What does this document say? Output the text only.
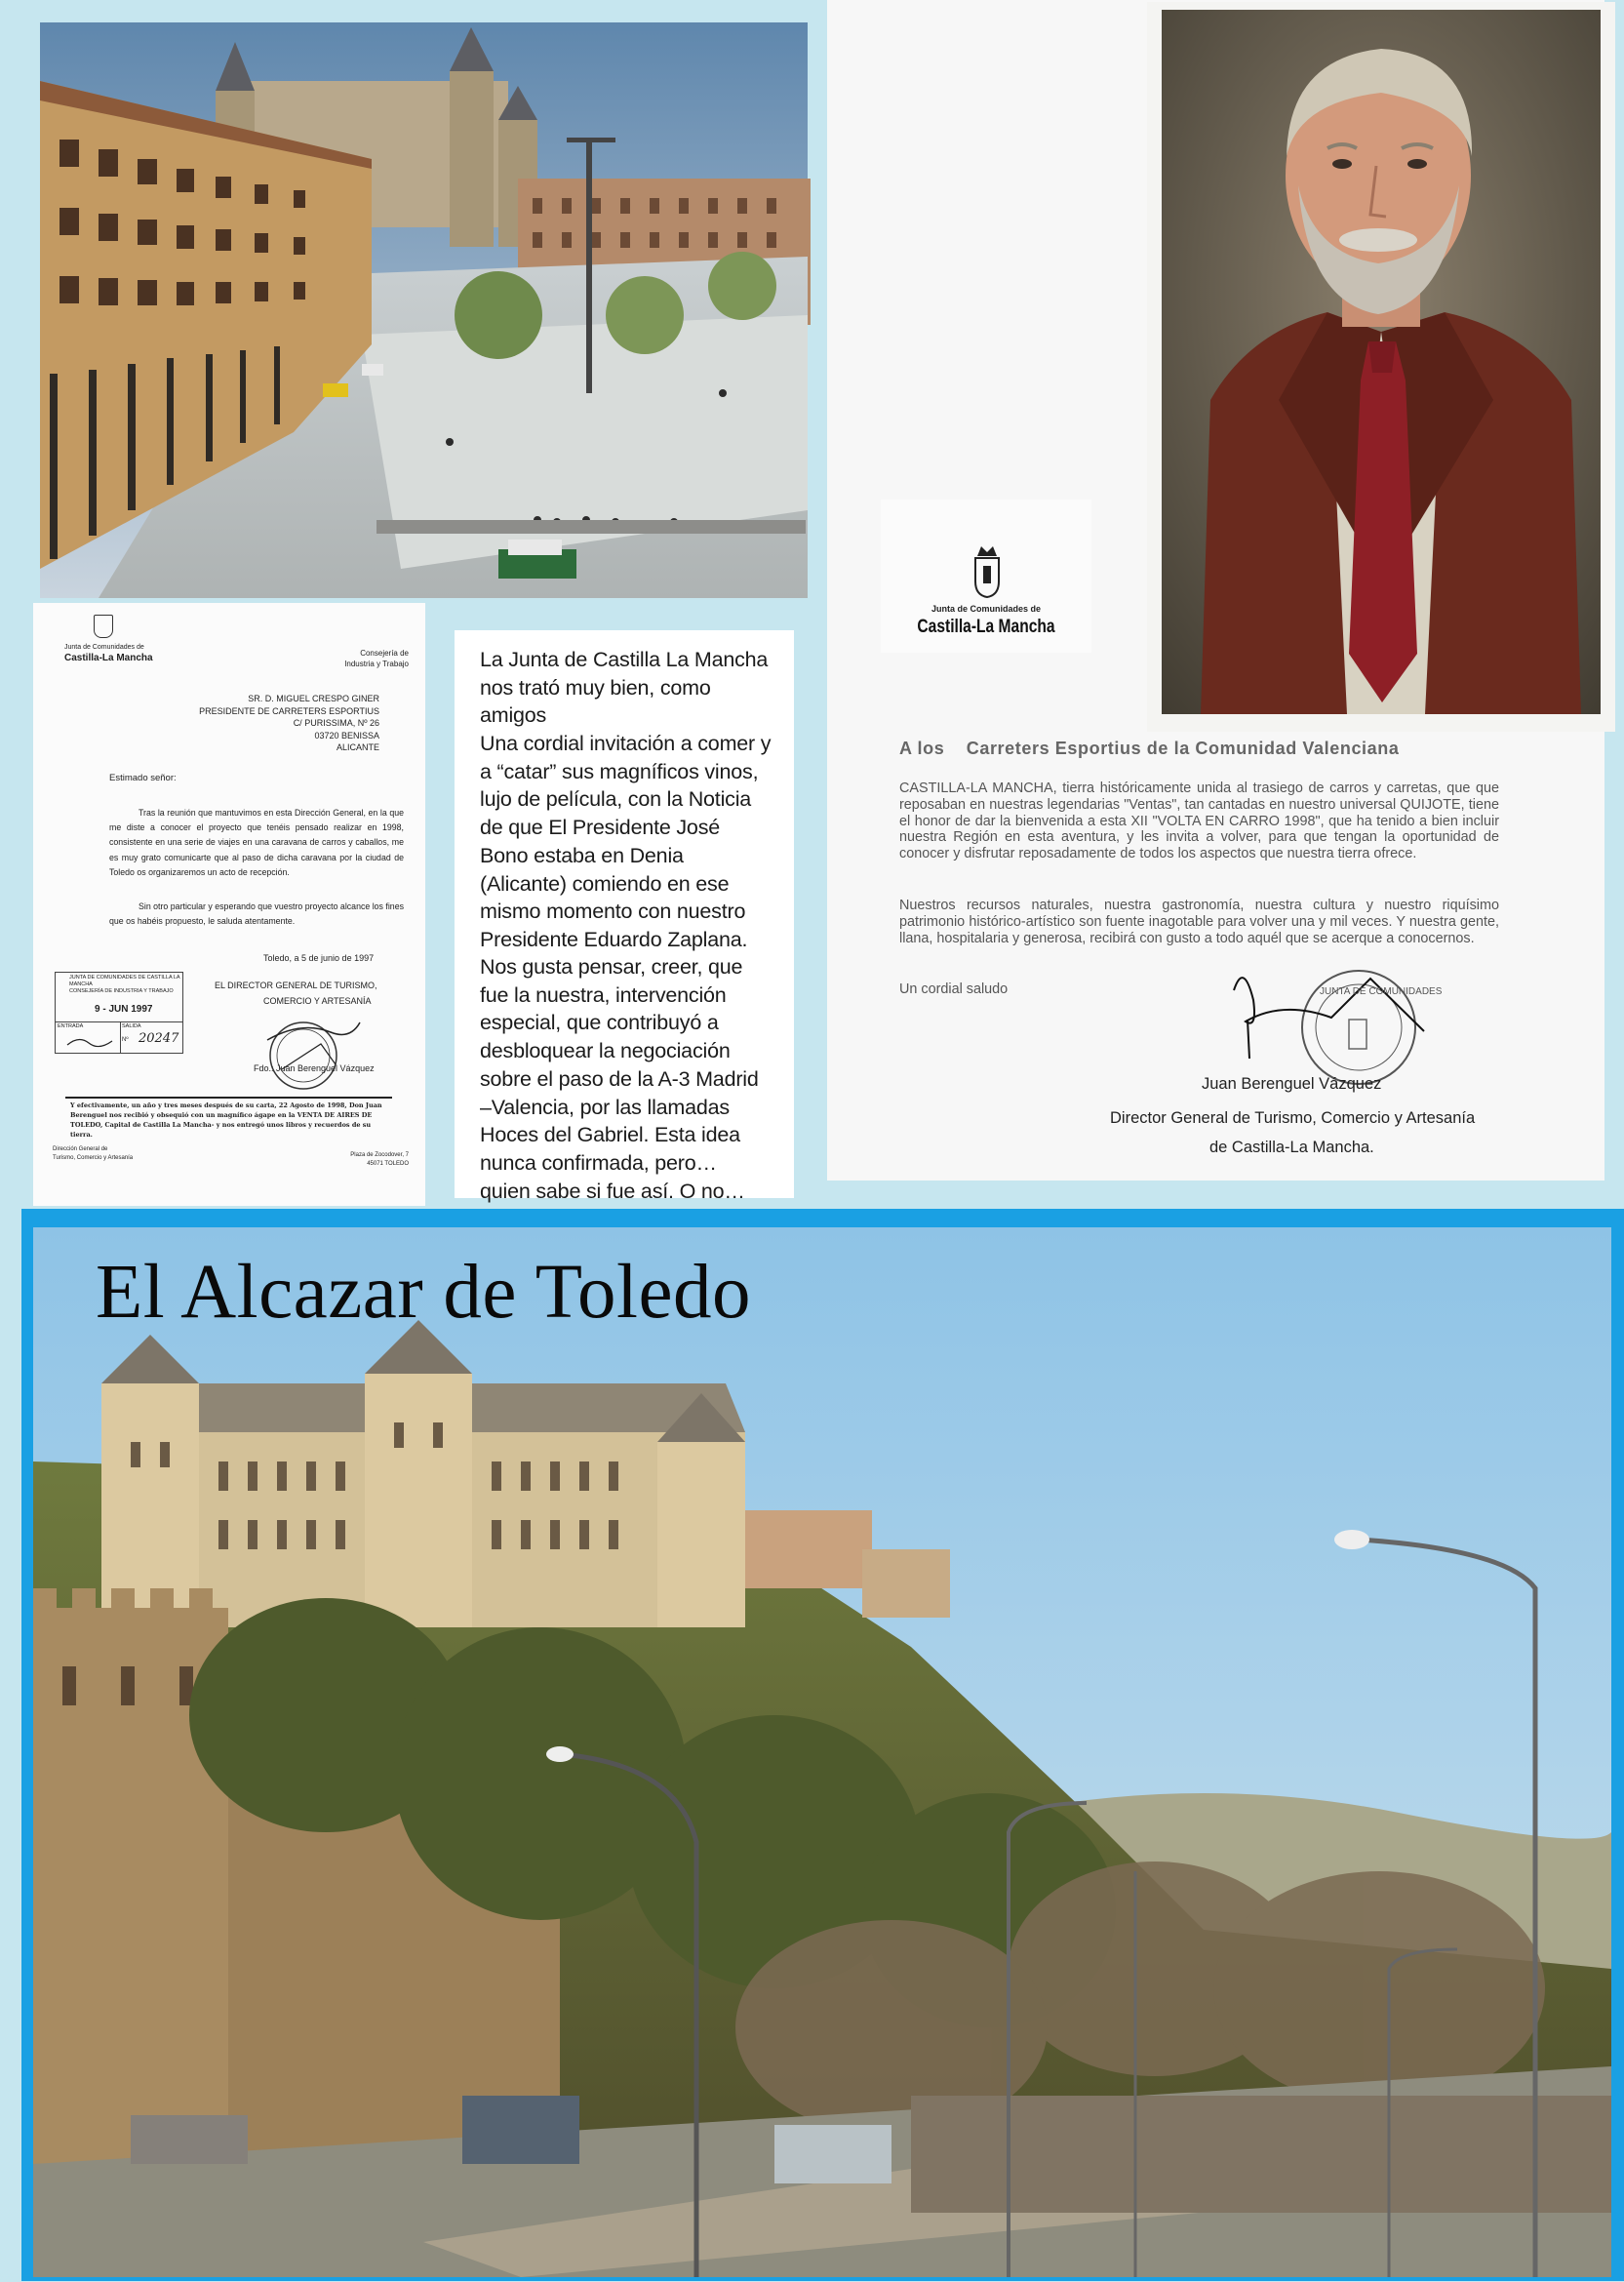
Junta de Comunidades de
Castilla-La Mancha	Consejería de
Industria y Trabajo
SR. D. MIGUEL CRESPO GINER
PRESIDENTE DE CARRETERS ESPORTIUS
C/ PURISSIMA, Nº 26
03720 BENISSA
ALICANTE
Estimado señor:
Tras la reunión que mantuvimos en esta Dirección General, en la que me diste a conocer el proyecto que tenéis pensado realizar en 1998, consistente en una serie de viajes en una caravana de carros y caballos, me es muy grato comunicarte que al paso de dicha caravana por la ciudad de Toledo os organizaremos un acto de recepción.
Sin otro particular y esperando que vuestro proyecto alcance los fines que os habéis propuesto, le saluda atentamente.
Toledo, a 5 de junio de 1997
EL DIRECTOR GENERAL DE TURISMO,
COMERCIO Y ARTESANÍA
JUNTA DE COMUNIDADES DE CASTILLA LA MANCHA
CONSEJERÍA DE INDUSTRIA Y TRABAJO
9 - JUN 1997
ENTRADA	SALIDA
Nº 20247
Fdo.: Juan Berenguel Vázquez
Y efectivamente, un año y tres meses después de su carta, 22 Agosto de 1998, Don Juan Berenguel nos recibió y obsequió con un magnífico ágape en la VENTA DE AIRES DE TOLEDO, Capital de Castilla La Mancha- y nos entregó unos libros y recuerdos de su tierra.
Dirección General de
Turismo, Comercio y Artesanía	Plaza de Zocodover, 7
45071 TOLEDO
La Junta de Castilla La Mancha nos trató muy bien, como amigos
Una cordial invitación a comer y a “catar” sus magníficos vinos, lujo de película, con la Noticia de que El Presidente José Bono estaba en Denia (Alicante) comiendo en ese mismo momento con nuestro Presidente Eduardo Zaplana.
Nos gusta pensar, creer, que fue la nuestra, intervención especial, que contribuyó a desbloquear la negociación sobre el paso de la A-3 Madrid –Valencia, por las llamadas Hoces del Gabriel. Esta idea nunca confirmada, pero… quien sabe si fue así. O no…
Junta de Comunidades de
Castilla-La Mancha
A los    Carreters Esportius de la Comunidad Valenciana
CASTILLA-LA MANCHA, tierra históricamente unida al trasiego de carros y carretas, que que reposaban en nuestras legendarias "Ventas", tan cantadas en nuestro universal QUIJOTE, tiene el honor de dar la bienvenida a esta XII "VOLTA EN CARRO 1998", que ha tenido a bien incluir nuestra Región en esta aventura, y les invita a volver, para que tengan la oportunidad de conocer y disfrutar reposadamente de todos los aspectos que nuestra tierra ofrece.
Nuestros recursos naturales, nuestra gastronomía, nuestra cultura y nuestro riquísimo patrimonio histórico-artístico son fuente inagotable para volver una y mil veces. Y nuestra gente, llana, hospitalaria y generosa, recibirá con gusto a todo aquél que se acerque a conocernos.
Un cordial saludo	JUNTA DE COMUNIDADES
Juan Berenguel Vázquez
Director General de Turismo, Comercio y Artesanía
de Castilla-La Mancha.
El Alcazar de Toledo
